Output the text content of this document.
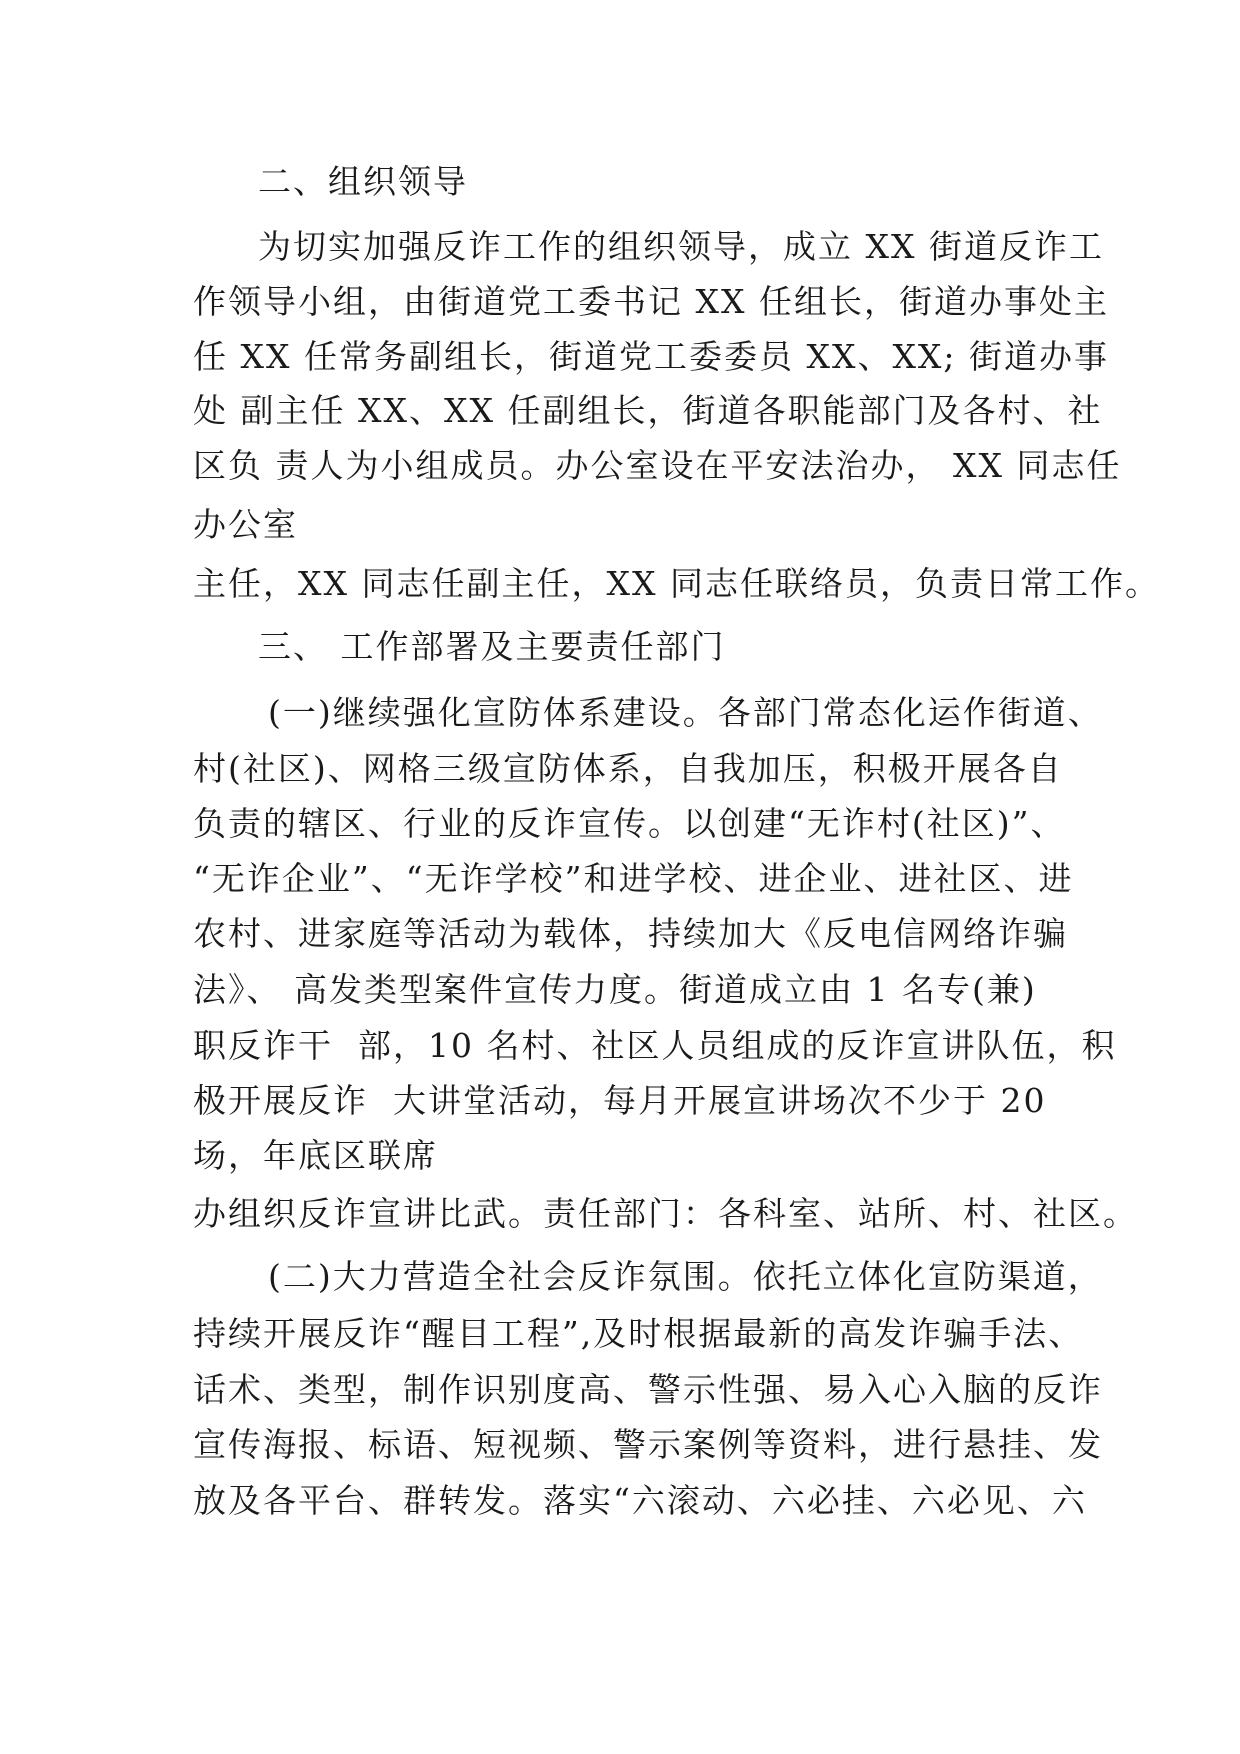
二、组织领导
为切实加强反诈工作的组织领导，成立 XX 街道反诈工
作领导小组，由街道党工委书记 XX 任组长，街道办事处主
任 XX 任常务副组长，街道党工委委员 XX、XX; 街道办事
处 副主任 XX、XX 任副组长，街道各职能部门及各村、社
区负 责人为小组成员。办公室设在平安法治办， XX 同志任
办公室
主任，XX 同志任副主任，XX 同志任联络员，负责日常工作。
三、 工作部署及主要责任部门
(一)继续强化宣防体系建设。各部门常态化运作街道、
村(社区)、网格三级宣防体系，自我加压，积极开展各自
负责的辖区、行业的反诈宣传。以创建“无诈村(社区)”、
“无诈企业”、“无诈学校”和进学校、进企业、进社区、进
农村、进家庭等活动为载体，持续加大《反电信网络诈骗
法》、 高发类型案件宣传力度。街道成立由 1 名专(兼)
职反诈干  部，10 名村、社区人员组成的反诈宣讲队伍，积
极开展反诈  大讲堂活动，每月开展宣讲场次不少于 20
场，年底区联席
办组织反诈宣讲比武。责任部门：各科室、站所、村、社区。
(二)大力营造全社会反诈氛围。依托立体化宣防渠道，
持续开展反诈“醒目工程”,及时根据最新的高发诈骗手法、
话术、类型，制作识别度高、警示性强、易入心入脑的反诈
宣传海报、标语、短视频、警示案例等资料，进行悬挂、发
放及各平台、群转发。落实“六滚动、六必挂、六必见、六
